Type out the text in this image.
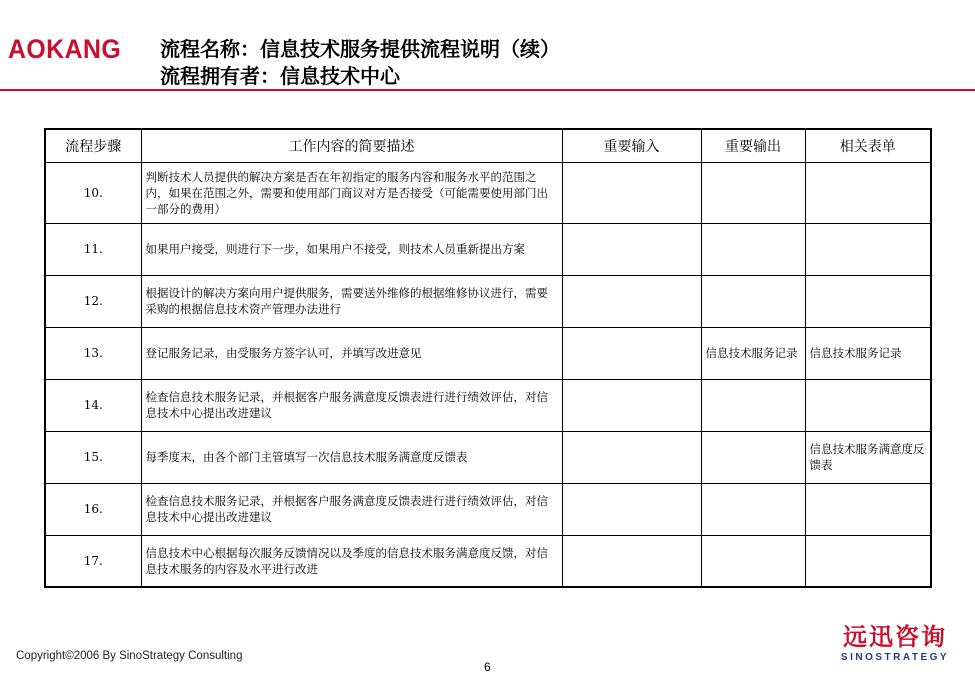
AOKANG 流程名称：信息技术服务提供流程说明（续）
流程拥有者：信息技术中心
流程步骤	工作内容的简要描述	重要输入	重要输出	相关表单
10.	判断技术人员提供的解决方案是否在年初指定的服务内容和服务水平的范围之内，如果在范围之外，需要和使用部门商议对方是否接受（可能需要使用部门出一部分的费用）			
11.	如果用户接受，则进行下一步，如果用户不接受，则技术人员重新提出方案			
12.	根据设计的解决方案向用户提供服务，需要送外维修的根据维修协议进行，需要采购的根据信息技术资产管理办法进行			
13.	登记服务记录，由受服务方签字认可，并填写改进意见		信息技术服务记录	信息技术服务记录
14.	检查信息技术服务记录，并根据客户服务满意度反馈表进行进行绩效评估，对信息技术中心提出改进建议			
15.	每季度末，由各个部门主管填写一次信息技术服务满意度反馈表			信息技术服务满意度反馈表
16.	检查信息技术服务记录，并根据客户服务满意度反馈表进行进行绩效评估，对信息技术中心提出改进建议			
17.	信息技术中心根据每次服务反馈情况以及季度的信息技术服务满意度反馈，对信息技术服务的内容及水平进行改进			
Copyright©2006 By SinoStrategy Consulting
6
远迅咨询
SINOSTRATEGY
